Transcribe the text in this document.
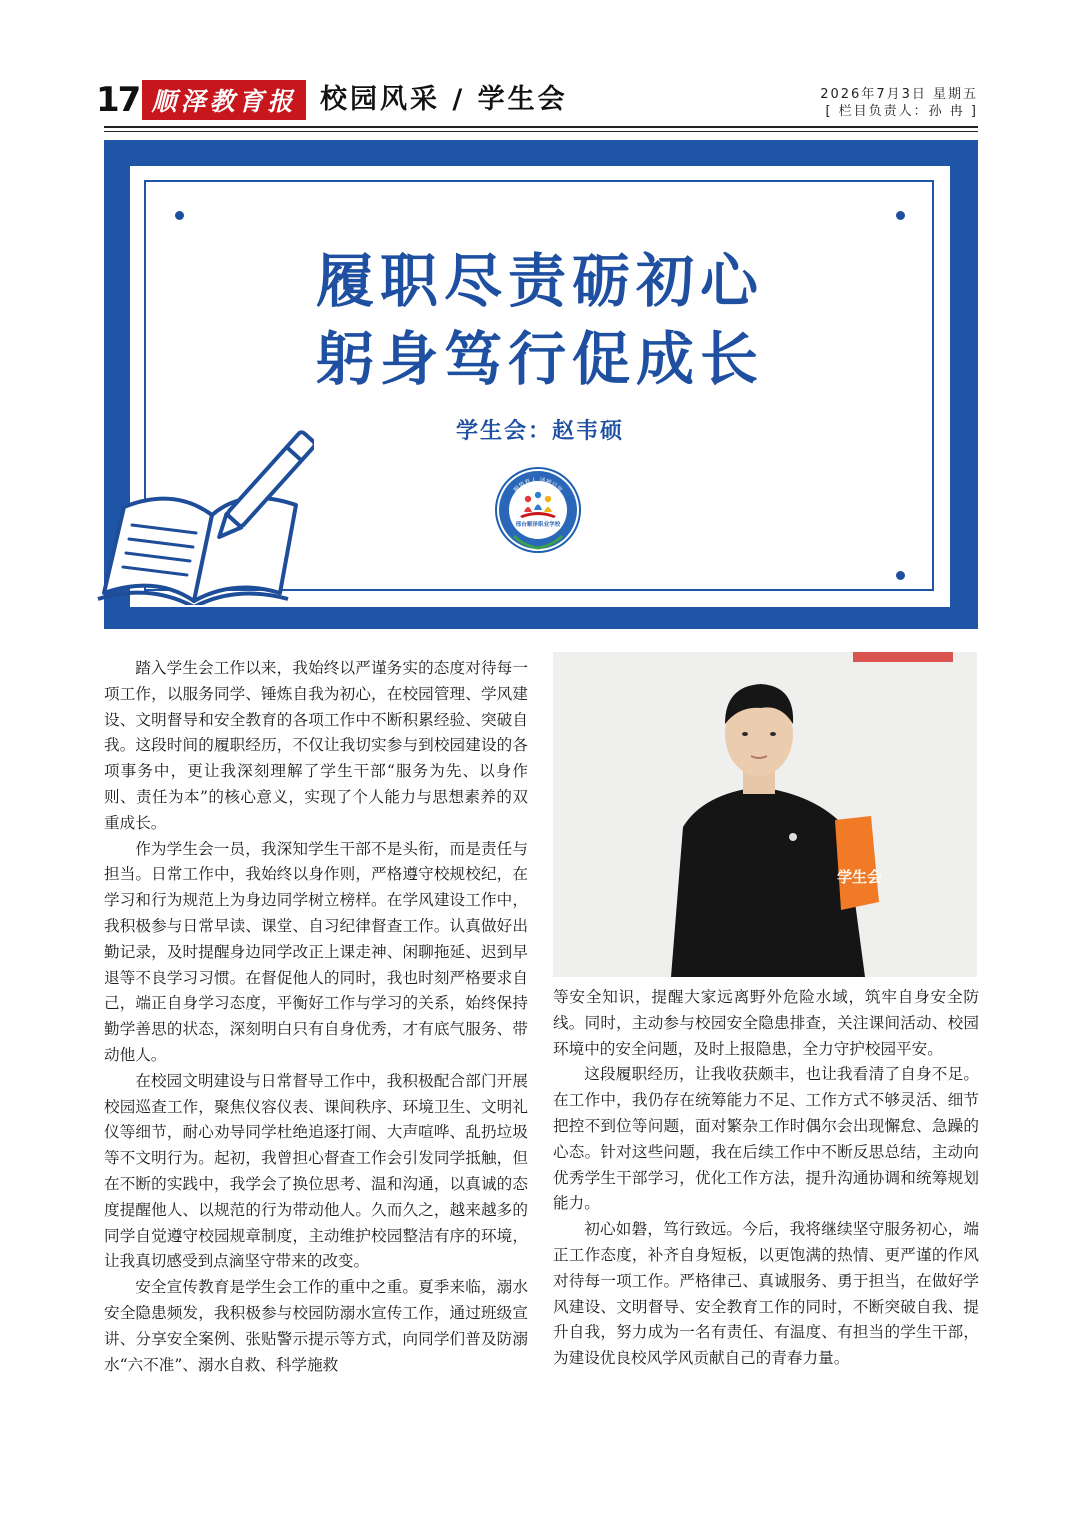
17 顺泽教育报 校园风采 / 学生会	2026年7月3日 星期五
[ 栏目负责人：孙 冉 ]
履职尽责砺初心
躬身笃行促成长
学生会：赵韦硕
顺势育人 泽被后世
邢台顺泽职业学校

踏入学生会工作以来，我始终以严谨务实的态度对待每一项工作，以服务同学、锤炼自我为初心，在校园管理、学风建设、文明督导和安全教育的各项工作中不断积累经验、突破自我。这段时间的履职经历，不仅让我切实参与到校园建设的各项事务中，更让我深刻理解了学生干部“服务为先、以身作则、责任为本”的核心意义，实现了个人能力与思想素养的双重成长。

作为学生会一员，我深知学生干部不是头衔，而是责任与担当。日常工作中，我始终以身作则，严格遵守校规校纪，在学习和行为规范上为身边同学树立榜样。在学风建设工作中，我积极参与日常早读、课堂、自习纪律督查工作。认真做好出勤记录，及时提醒身边同学改正上课走神、闲聊拖延、迟到早退等不良学习习惯。在督促他人的同时，我也时刻严格要求自己，端正自身学习态度，平衡好工作与学习的关系，始终保持勤学善思的状态，深刻明白只有自身优秀，才有底气服务、带动他人。

在校园文明建设与日常督导工作中，我积极配合部门开展校园巡查工作，聚焦仪容仪表、课间秩序、环境卫生、文明礼仪等细节，耐心劝导同学杜绝追逐打闹、大声喧哗、乱扔垃圾等不文明行为。起初，我曾担心督查工作会引发同学抵触，但在不断的实践中，我学会了换位思考、温和沟通，以真诚的态度提醒他人、以规范的行为带动他人。久而久之，越来越多的同学自觉遵守校园规章制度，主动维护校园整洁有序的环境，让我真切感受到点滴坚守带来的改变。

安全宣传教育是学生会工作的重中之重。夏季来临，溺水安全隐患频发，我积极参与校园防溺水宣传工作，通过班级宣讲、分享安全案例、张贴警示提示等方式，向同学们普及防溺水“六不准”、溺水自救、科学施救

学生会

等安全知识，提醒大家远离野外危险水域，筑牢自身安全防线。同时，主动参与校园安全隐患排查，关注课间活动、校园环境中的安全问题，及时上报隐患，全力守护校园平安。

这段履职经历，让我收获颇丰，也让我看清了自身不足。在工作中，我仍存在统筹能力不足、工作方式不够灵活、细节把控不到位等问题，面对繁杂工作时偶尔会出现懈怠、急躁的心态。针对这些问题，我在后续工作中不断反思总结，主动向优秀学生干部学习，优化工作方法，提升沟通协调和统筹规划能力。

初心如磐，笃行致远。今后，我将继续坚守服务初心，端正工作态度，补齐自身短板，以更饱满的热情、更严谨的作风对待每一项工作。严格律己、真诚服务、勇于担当，在做好学风建设、文明督导、安全教育工作的同时，不断突破自我、提升自我，努力成为一名有责任、有温度、有担当的学生干部，为建设优良校风学风贡献自己的青春力量。
